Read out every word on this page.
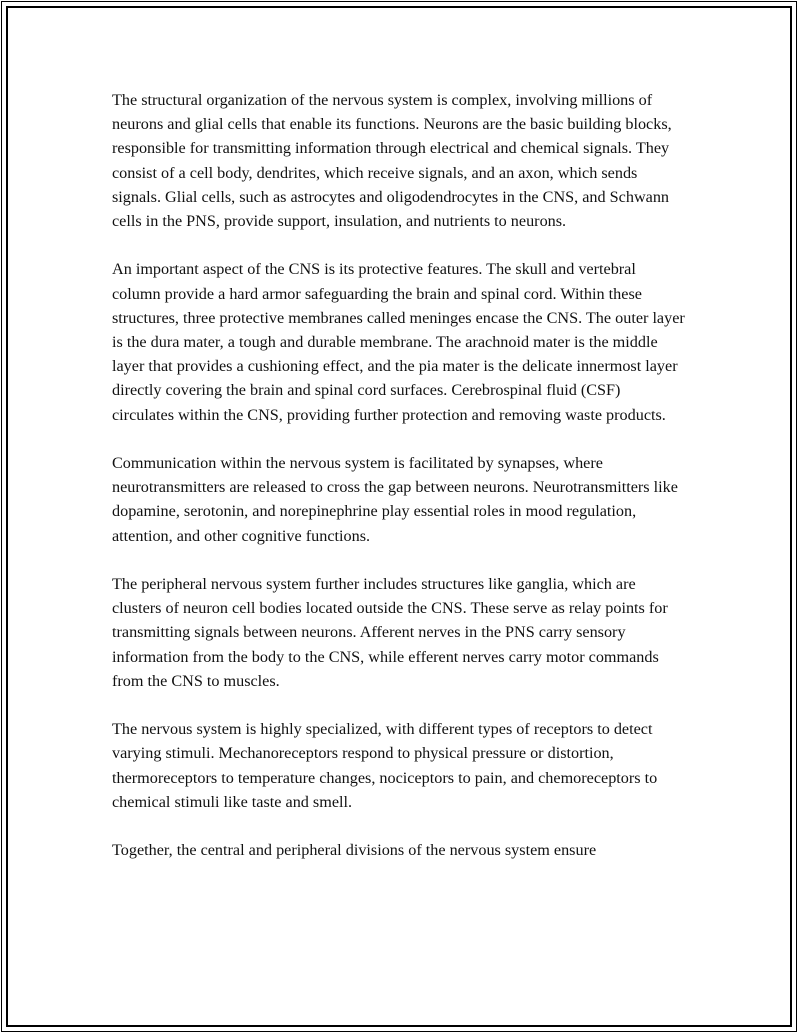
The structural organization of the nervous system is complex, involving millions of neurons and glial cells that enable its functions. Neurons are the basic building blocks, responsible for transmitting information through electrical and chemical signals. They consist of a cell body, dendrites, which receive signals, and an axon, which sends signals. Glial cells, such as astrocytes and oligodendrocytes in the CNS, and Schwann cells in the PNS, provide support, insulation, and nutrients to neurons.

An important aspect of the CNS is its protective features. The skull and vertebral column provide a hard armor safeguarding the brain and spinal cord. Within these structures, three protective membranes called meninges encase the CNS. The outer layer is the dura mater, a tough and durable membrane. The arachnoid mater is the middle layer that provides a cushioning effect, and the pia mater is the delicate innermost layer directly covering the brain and spinal cord surfaces. Cerebrospinal fluid (CSF) circulates within the CNS, providing further protection and removing waste products.

Communication within the nervous system is facilitated by synapses, where neurotransmitters are released to cross the gap between neurons. Neurotransmitters like dopamine, serotonin, and norepinephrine play essential roles in mood regulation, attention, and other cognitive functions.

The peripheral nervous system further includes structures like ganglia, which are clusters of neuron cell bodies located outside the CNS. These serve as relay points for transmitting signals between neurons. Afferent nerves in the PNS carry sensory information from the body to the CNS, while efferent nerves carry motor commands from the CNS to muscles.

The nervous system is highly specialized, with different types of receptors to detect varying stimuli. Mechanoreceptors respond to physical pressure or distortion, thermoreceptors to temperature changes, nociceptors to pain, and chemoreceptors to chemical stimuli like taste and smell.

Together, the central and peripheral divisions of the nervous system ensure
